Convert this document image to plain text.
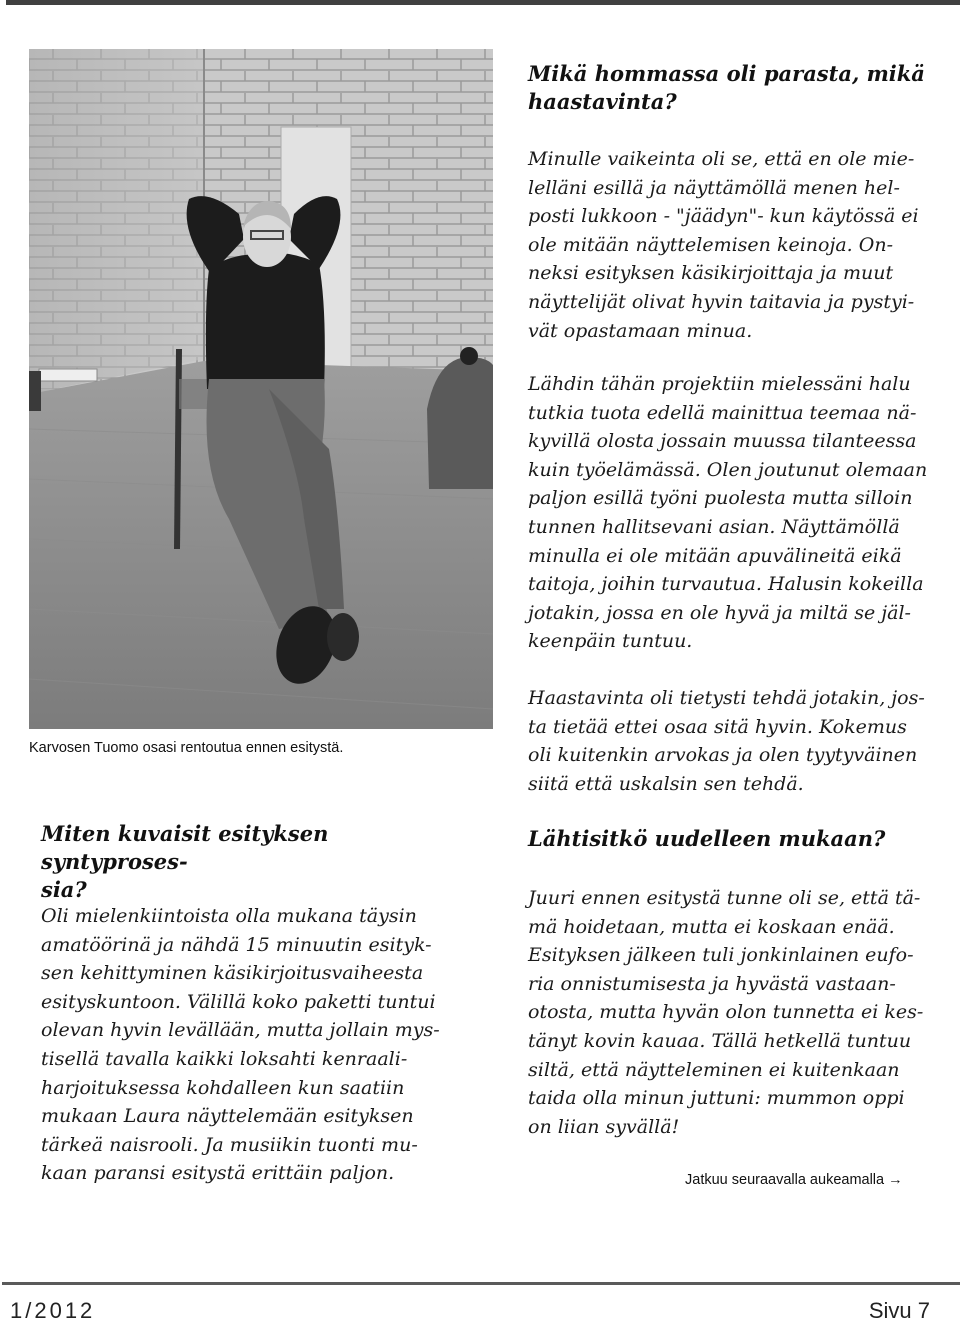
Karvosen Tuomo osasi rentoutua ennen esitystä.

Mikä hommassa oli parasta, mikä

haastavinta?

Minulle vaikeinta oli se, että en ole mie-

lelläni esillä ja näyttämöllä menen hel-

posti lukkoon - "jäädyn"- kun käytössä ei

ole mitään näyttelemisen keinoja. On-

neksi esityksen käsikirjoittaja ja muut

näyttelijät olivat hyvin taitavia ja pystyi-

vät opastamaan minua.

Lähdin tähän projektiin mielessäni halu

tutkia tuota edellä mainittua teemaa nä-

kyvillä olosta jossain muussa tilanteessa

kuin työelämässä. Olen joutunut olemaan

paljon esillä työni puolesta mutta silloin

tunnen hallitsevani asian. Näyttämöllä

minulla ei ole mitään apuvälineitä eikä

taitoja, joihin turvautua. Halusin kokeilla

jotakin, jossa en ole hyvä ja miltä se jäl-

keenpäin tuntuu.

Haastavinta oli tietysti tehdä jotakin, jos-

ta tietää ettei osaa sitä hyvin. Kokemus

oli kuitenkin arvokas ja olen tyytyväinen

siitä että uskalsin sen tehdä.

Lähtisitkö uudelleen mukaan?

Juuri ennen esitystä tunne oli se, että tä-

mä hoidetaan, mutta ei koskaan enää.

Esityksen jälkeen tuli jonkinlainen eufo-

ria onnistumisesta ja hyvästä vastaan-

otosta, mutta hyvän olon tunnetta ei kes-

tänyt kovin kauaa. Tällä hetkellä tuntuu

siltä, että näytteleminen ei kuitenkaan

taida olla minun juttuni: mummon oppi

on liian syvällä!

Jatkuu seuraavalla aukeamalla →

Miten kuvaisit esityksen syntyproses-

sia?

Oli mielenkiintoista olla mukana täysin

amatöörinä ja nähdä 15 minuutin esityk-

sen kehittyminen käsikirjoitusvaiheesta

esityskuntoon. Välillä koko paketti tuntui

olevan hyvin levällään, mutta jollain mys-

tisellä tavalla kaikki loksahti kenraali-

harjoituksessa kohdalleen kun saatiin

mukaan Laura näyttelemään esityksen

tärkeä naisrooli. Ja musiikin tuonti mu-

kaan paransi esitystä erittäin paljon.

1/2012	Sivu 7
